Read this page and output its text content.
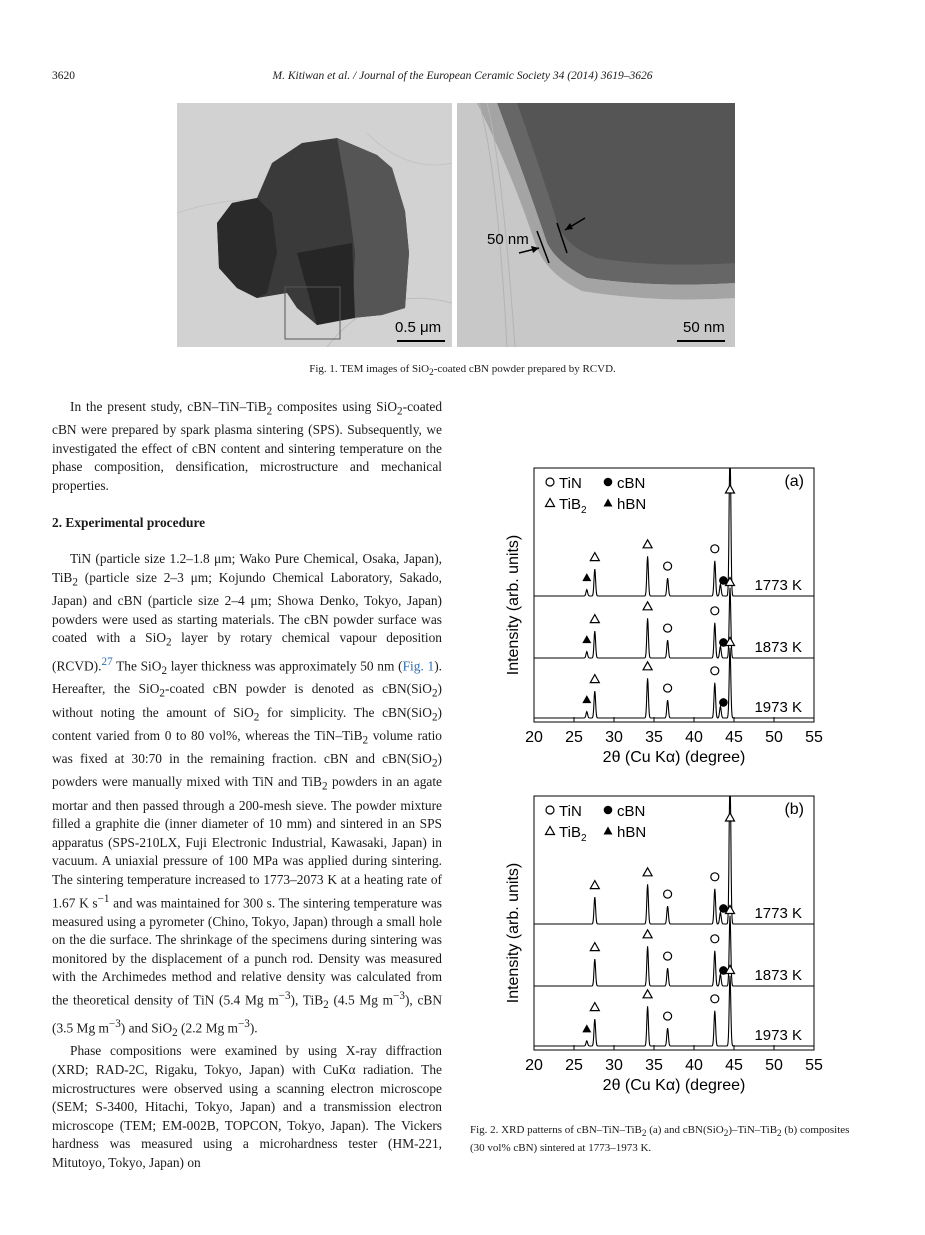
3620	M. Kitiwan et al. / Journal of the European Ceramic Society 34 (2014) 3619–3626
0.5 μm
50 nm
50 nm
Fig. 1. TEM images of SiO$_2$-coated cBN powder prepared by RCVD.

In the present study, cBN–TiN–TiB$_2$ composites using SiO$_2$-coated cBN were prepared by spark plasma sintering (SPS). Subsequently, we investigated the effect of cBN content and sintering temperature on the phase composition, densification, microstructure and mechanical properties.

2. Experimental procedure

TiN (particle size 1.2–1.8 μm; Wako Pure Chemical, Osaka, Japan), TiB$_2$ (particle size 2–3 μm; Kojundo Chemical Laboratory, Sakado, Japan) and cBN (particle size 2–4 μm; Showa Denko, Tokyo, Japan) powders were used as starting materials. The cBN powder surface was coated with a SiO$_2$ layer by rotary chemical vapour deposition (RCVD).$^{27}$ The SiO$_2$ layer thickness was approximately 50 nm (Fig. 1). Hereafter, the SiO$_2$-coated cBN powder is denoted as cBN(SiO$_2$) without noting the amount of SiO$_2$ for simplicity. The cBN(SiO$_2$) content varied from 0 to 80 vol%, whereas the TiN–TiB$_2$ volume ratio was fixed at 30:70 in the remaining fraction. cBN and cBN(SiO$_2$) powders were manually mixed with TiN and TiB$_2$ powders in an agate mortar and then passed through a 200-mesh sieve. The powder mixture filled a graphite die (inner diameter of 10 mm) and sintered in an SPS apparatus (SPS-210LX, Fuji Electronic Industrial, Kawasaki, Japan) in vacuum. A uniaxial pressure of 100 MPa was applied during sintering. The sintering temperature increased to 1773–2073 K at a heating rate of 1.67 K $s^{-1}$ and was maintained for 300 s. The sintering temperature was measured using a pyrometer (Chino, Tokyo, Japan) through a small hole on the die surface. The shrinkage of the specimens during sintering was monitored by the displacement of a punch rod. Density was measured with the Archimedes method and relative density was calculated from the theoretical density of TiN (5.4 Mg $m^{-3}$), TiB$_2$ (4.5 Mg $m^{-3}$), cBN (3.5 Mg $m^{-3}$) and SiO$_2$ (2.2 Mg $m^{-3}$).

Phase compositions were examined by using X-ray diffraction (XRD; RAD-2C, Rigaku, Tokyo, Japan) with CuKα radiation. The microstructures were observed using a scanning electron microscope (SEM; S-3400, Hitachi, Tokyo, Japan) and a transmission electron microscope (TEM; EM-002B, TOPCON, Tokyo, Japan). The Vickers hardness was measured using a microhardness tester (HM-221, Mitutoyo, Tokyo, Japan) on

20 25 30 35 40 45 50 55
2θ (Cu Kα) (degree)
Intensity (arb. units)
(a)
TiN cBN
TiB$_2$ hBN
1773 K
1873 K
1973 K
20 25 30 35 40 45 50 55
2θ (Cu Kα) (degree)
Intensity (arb. units)
(b)
TiN cBN
TiB$_2$ hBN
1773 K
1873 K
1973 K
Fig. 2. XRD patterns of cBN–TiN–TiB$_2$ (a) and cBN(SiO$_2$)–TiN–TiB$_2$ (b) composites (30 vol% cBN) sintered at 1773–1973 K.
